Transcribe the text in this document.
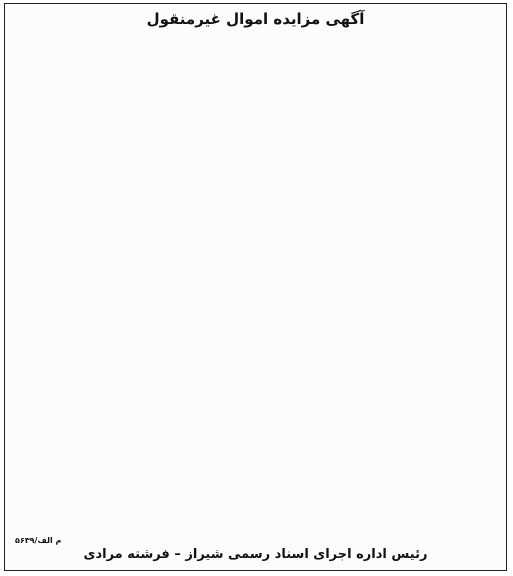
آگهی مزایده اموال غیرمنقول
۵۶۳۹/م الف
رئیس اداره اجرای اسناد رسمی شیراز – فرشته مرادی
